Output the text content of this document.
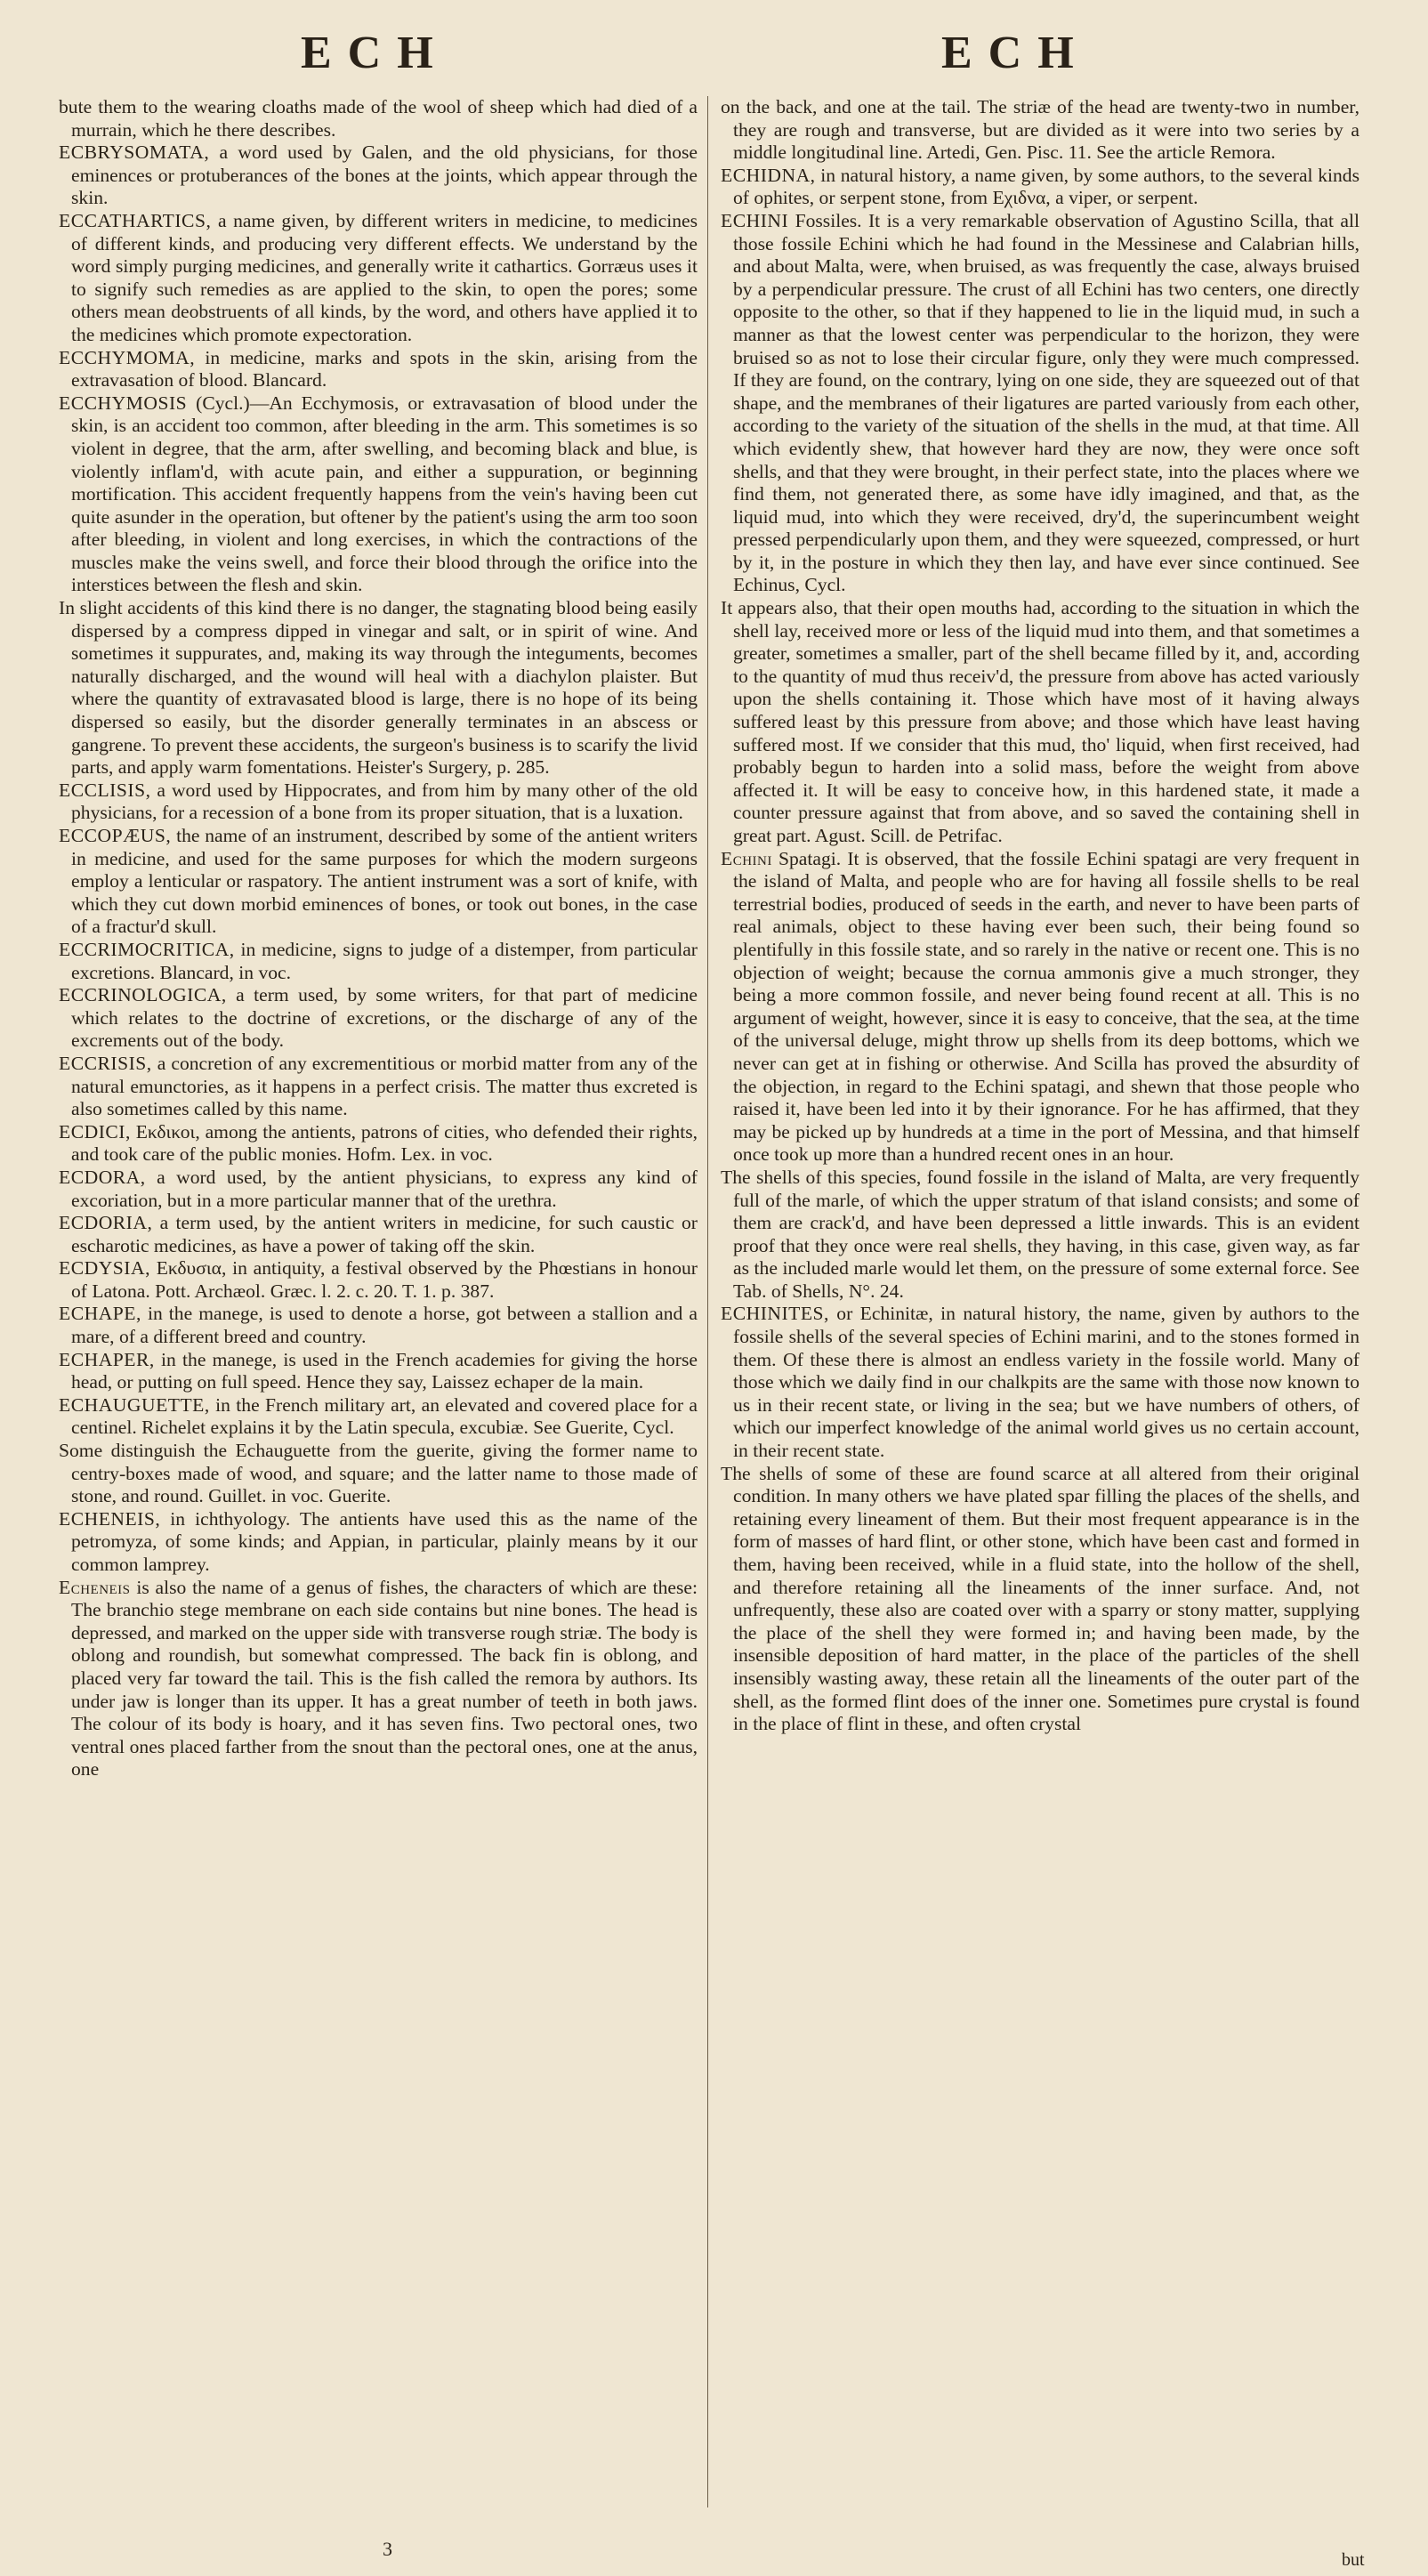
ECH	ECH

bute them to the wearing cloaths made of the wool of sheep which had died of a murrain, which he there describes.

ECBRYSOMATA, a word used by Galen, and the old physicians, for those eminences or protuberances of the bones at the joints, which appear through the skin.

ECCATHARTICS, a name given, by different writers in medicine, to medicines of different kinds, and producing very different effects. We understand by the word simply purging medicines, and generally write it cathartics. Gorræus uses it to signify such remedies as are applied to the skin, to open the pores; some others mean deobstruents of all kinds, by the word, and others have applied it to the medicines which promote expectoration.

ECCHYMOMA, in medicine, marks and spots in the skin, arising from the extravasation of blood. Blancard.

ECCHYMOSIS (Cycl.)—An Ecchymosis, or extravasation of blood under the skin, is an accident too common, after bleeding in the arm. This sometimes is so violent in degree, that the arm, after swelling, and becoming black and blue, is violently inflam'd, with acute pain, and either a suppuration, or beginning mortification. This accident frequently happens from the vein's having been cut quite asunder in the operation, but oftener by the patient's using the arm too soon after bleeding, in violent and long exercises, in which the contractions of the muscles make the veins swell, and force their blood through the orifice into the interstices between the flesh and skin.

In slight accidents of this kind there is no danger, the stagnating blood being easily dispersed by a compress dipped in vinegar and salt, or in spirit of wine. And sometimes it suppurates, and, making its way through the integuments, becomes naturally discharged, and the wound will heal with a diachylon plaister. But where the quantity of extravasated blood is large, there is no hope of its being dispersed so easily, but the disorder generally terminates in an abscess or gangrene. To prevent these accidents, the surgeon's business is to scarify the livid parts, and apply warm fomentations. Heister's Surgery, p. 285.

ECCLISIS, a word used by Hippocrates, and from him by many other of the old physicians, for a recession of a bone from its proper situation, that is a luxation.

ECCOPÆUS, the name of an instrument, described by some of the antient writers in medicine, and used for the same purposes for which the modern surgeons employ a lenticular or raspatory. The antient instrument was a sort of knife, with which they cut down morbid eminences of bones, or took out bones, in the case of a fractur'd skull.

ECCRIMOCRITICA, in medicine, signs to judge of a distemper, from particular excretions. Blancard, in voc.

ECCRINOLOGICA, a term used, by some writers, for that part of medicine which relates to the doctrine of excretions, or the discharge of any of the excrements out of the body.

ECCRISIS, a concretion of any excrementitious or morbid matter from any of the natural emunctories, as it happens in a perfect crisis. The matter thus excreted is also sometimes called by this name.

ECDICI, Εκδικοι, among the antients, patrons of cities, who defended their rights, and took care of the public monies. Hofm. Lex. in voc.

ECDORA, a word used, by the antient physicians, to express any kind of excoriation, but in a more particular manner that of the urethra.

ECDORIA, a term used, by the antient writers in medicine, for such caustic or escharotic medicines, as have a power of taking off the skin.

ECDYSIA, Εκδυσια, in antiquity, a festival observed by the Phœstians in honour of Latona. Pott. Archæol. Græc. l. 2. c. 20. T. 1. p. 387.

ECHAPE, in the manege, is used to denote a horse, got between a stallion and a mare, of a different breed and country.

ECHAPER, in the manege, is used in the French academies for giving the horse head, or putting on full speed. Hence they say, Laissez echaper de la main.

ECHAUGUETTE, in the French military art, an elevated and covered place for a centinel. Richelet explains it by the Latin specula, excubiæ. See Guerite, Cycl.

Some distinguish the Echauguette from the guerite, giving the former name to centry-boxes made of wood, and square; and the latter name to those made of stone, and round. Guillet. in voc. Guerite.

ECHENEIS, in ichthyology. The antients have used this as the name of the petromyza, of some kinds; and Appian, in particular, plainly means by it our common lamprey.

Echeneis is also the name of a genus of fishes, the characters of which are these: The branchio stege membrane on each side contains but nine bones. The head is depressed, and marked on the upper side with transverse rough striæ. The body is oblong and roundish, but somewhat compressed. The back fin is oblong, and placed very far toward the tail. This is the fish called the remora by authors. Its under jaw is longer than its upper. It has a great number of teeth in both jaws. The colour of its body is hoary, and it has seven fins. Two pectoral ones, two ventral ones placed farther from the snout than the pectoral ones, one at the anus, one

on the back, and one at the tail. The striæ of the head are twenty-two in number, they are rough and transverse, but are divided as it were into two series by a middle longitudinal line. Artedi, Gen. Pisc. 11. See the article Remora.

ECHIDNA, in natural history, a name given, by some authors, to the several kinds of ophites, or serpent stone, from Εχιδνα, a viper, or serpent.

ECHINI Fossiles. It is a very remarkable observation of Agustino Scilla, that all those fossile Echini which he had found in the Messinese and Calabrian hills, and about Malta, were, when bruised, as was frequently the case, always bruised by a perpendicular pressure. The crust of all Echini has two centers, one directly opposite to the other, so that if they happened to lie in the liquid mud, in such a manner as that the lowest center was perpendicular to the horizon, they were bruised so as not to lose their circular figure, only they were much compressed. If they are found, on the contrary, lying on one side, they are squeezed out of that shape, and the membranes of their ligatures are parted variously from each other, according to the variety of the situation of the shells in the mud, at that time. All which evidently shew, that however hard they are now, they were once soft shells, and that they were brought, in their perfect state, into the places where we find them, not generated there, as some have idly imagined, and that, as the liquid mud, into which they were received, dry'd, the superincumbent weight pressed perpendicularly upon them, and they were squeezed, compressed, or hurt by it, in the posture in which they then lay, and have ever since continued. See Echinus, Cycl.

It appears also, that their open mouths had, according to the situation in which the shell lay, received more or less of the liquid mud into them, and that sometimes a greater, sometimes a smaller, part of the shell became filled by it, and, according to the quantity of mud thus receiv'd, the pressure from above has acted variously upon the shells containing it. Those which have most of it having always suffered least by this pressure from above; and those which have least having suffered most. If we consider that this mud, tho' liquid, when first received, had probably begun to harden into a solid mass, before the weight from above affected it. It will be easy to conceive how, in this hardened state, it made a counter pressure against that from above, and so saved the containing shell in great part. Agust. Scill. de Petrifac.

Echini Spatagi. It is observed, that the fossile Echini spatagi are very frequent in the island of Malta, and people who are for having all fossile shells to be real terrestrial bodies, produced of seeds in the earth, and never to have been parts of real animals, object to these having ever been such, their being found so plentifully in this fossile state, and so rarely in the native or recent one. This is no objection of weight; because the cornua ammonis give a much stronger, they being a more common fossile, and never being found recent at all. This is no argument of weight, however, since it is easy to conceive, that the sea, at the time of the universal deluge, might throw up shells from its deep bottoms, which we never can get at in fishing or otherwise. And Scilla has proved the absurdity of the objection, in regard to the Echini spatagi, and shewn that those people who raised it, have been led into it by their ignorance. For he has affirmed, that they may be picked up by hundreds at a time in the port of Messina, and that himself once took up more than a hundred recent ones in an hour.

The shells of this species, found fossile in the island of Malta, are very frequently full of the marle, of which the upper stratum of that island consists; and some of them are crack'd, and have been depressed a little inwards. This is an evident proof that they once were real shells, they having, in this case, given way, as far as the included marle would let them, on the pressure of some external force. See Tab. of Shells, N°. 24.

ECHINITES, or Echinitæ, in natural history, the name, given by authors to the fossile shells of the several species of Echini marini, and to the stones formed in them. Of these there is almost an endless variety in the fossile world. Many of those which we daily find in our chalkpits are the same with those now known to us in their recent state, or living in the sea; but we have numbers of others, of which our imperfect knowledge of the animal world gives us no certain account, in their recent state.

The shells of some of these are found scarce at all altered from their original condition. In many others we have plated spar filling the places of the shells, and retaining every lineament of them. But their most frequent appearance is in the form of masses of hard flint, or other stone, which have been cast and formed in them, having been received, while in a fluid state, into the hollow of the shell, and therefore retaining all the lineaments of the inner surface. And, not unfrequently, these also are coated over with a sparry or stony matter, supplying the place of the shell they were formed in; and having been made, by the insensible deposition of hard matter, in the place of the particles of the shell insensibly wasting away, these retain all the lineaments of the outer part of the shell, as the formed flint does of the inner one. Sometimes pure crystal is found in the place of flint in these, and often crystal

3	but
